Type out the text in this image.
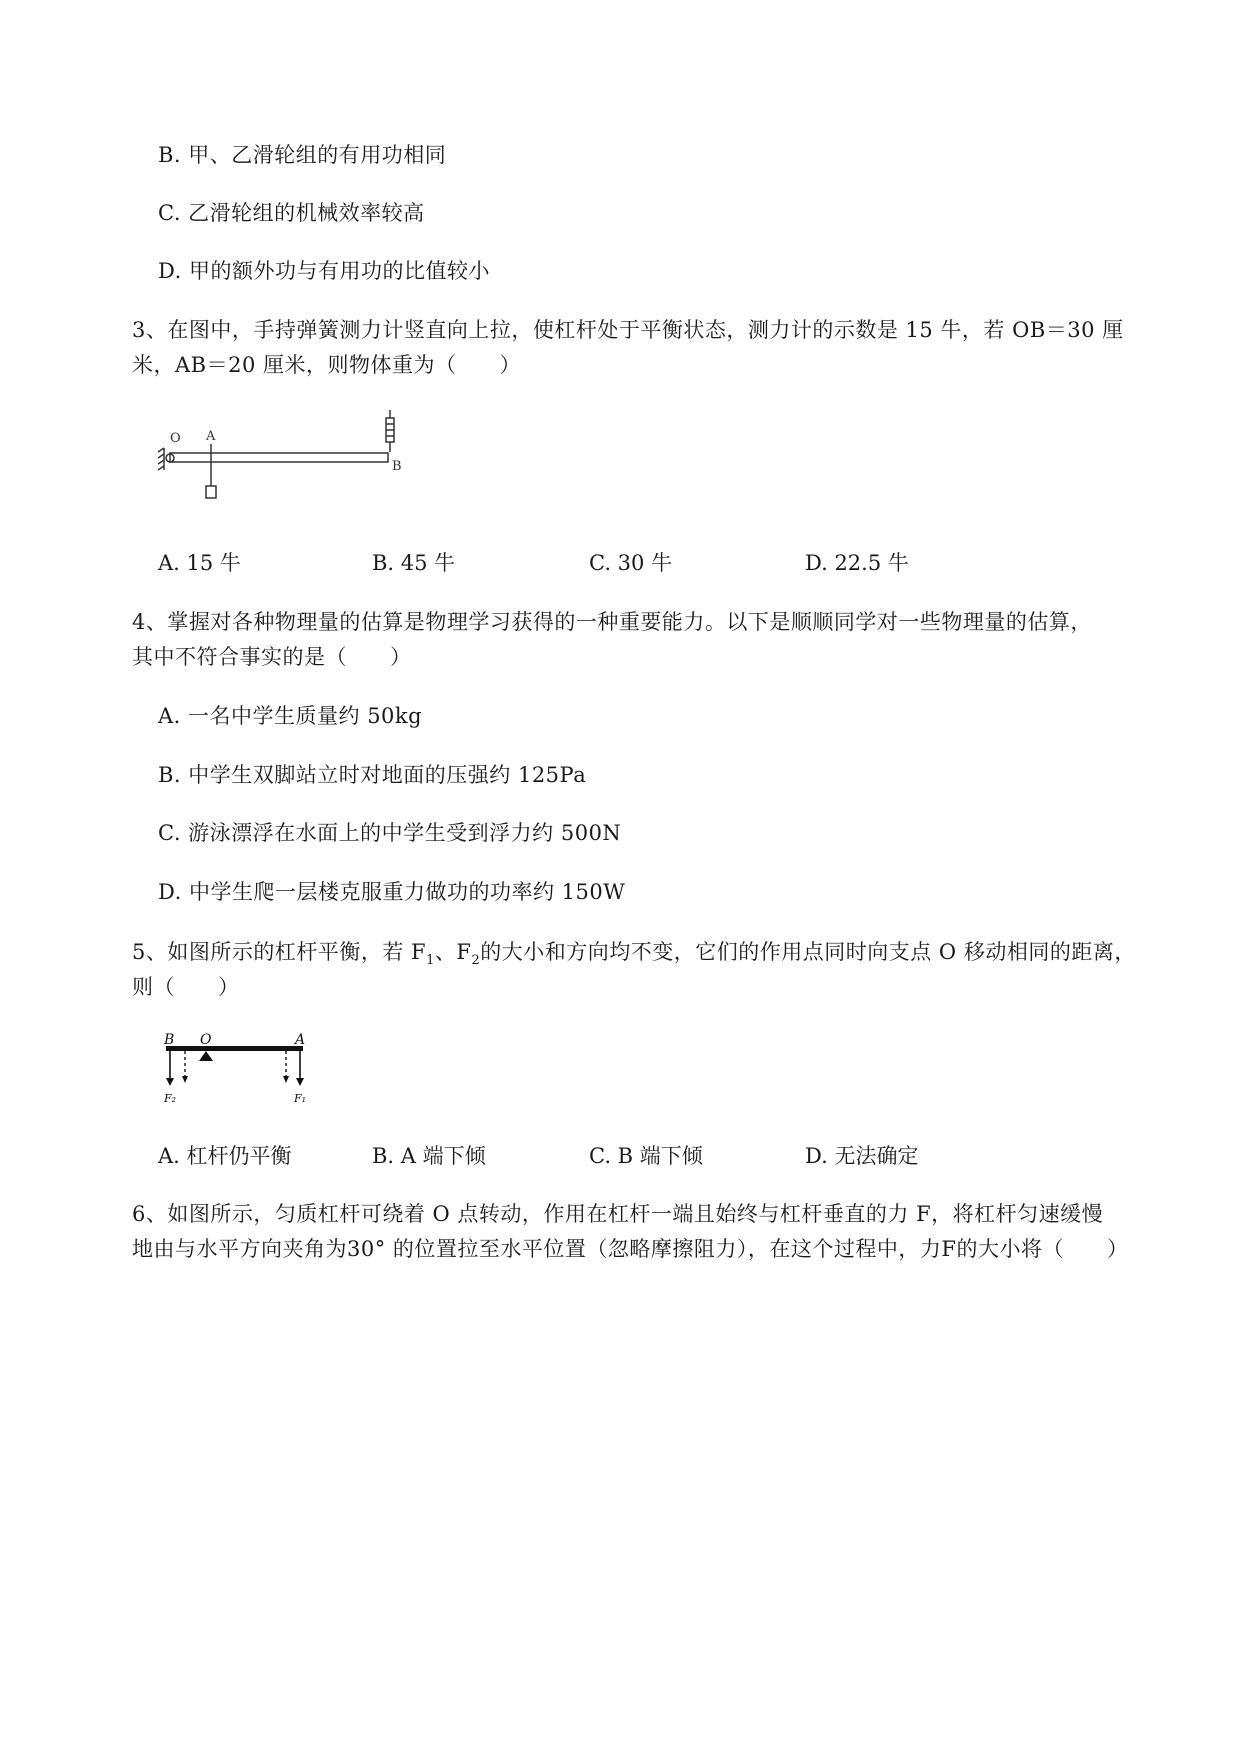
B. 甲、乙滑轮组的有用功相同
C. 乙滑轮组的机械效率较高
D. 甲的额外功与有用功的比值较小
3、在图中，手持弹簧测力计竖直向上拉，使杠杆处于平衡状态，测力计的示数是 15 牛，若 OB＝30 厘
米，AB＝20 厘米，则物体重为（　　）
O A
B
A. 15 牛	B. 45 牛	C. 30 牛	D. 22.5 牛
4、掌握对各种物理量的估算是物理学习获得的一种重要能力。以下是顺顺同学对一些物理量的估算，
其中不符合事实的是（　　）
A. 一名中学生质量约 50kg
B. 中学生双脚站立时对地面的压强约 125Pa
C. 游泳漂浮在水面上的中学生受到浮力约 500N
D. 中学生爬一层楼克服重力做功的功率约 150W
5、如图所示的杠杆平衡，若 $F_1$、$F_2$的大小和方向均不变，它们的作用点同时向支点 O 移动相同的距离，
则（　　）
B O	A
F₂	F₁
A. 杠杆仍平衡	B. A 端下倾	C. B 端下倾	D. 无法确定
6、如图所示，匀质杠杆可绕着 O 点转动，作用在杠杆一端且始终与杠杆垂直的力 F，将杠杆匀速缓慢
地由与水平方向夹角为30° 的位置拉至水平位置（忽略摩擦阻力），在这个过程中，力F的大小将（　　）
